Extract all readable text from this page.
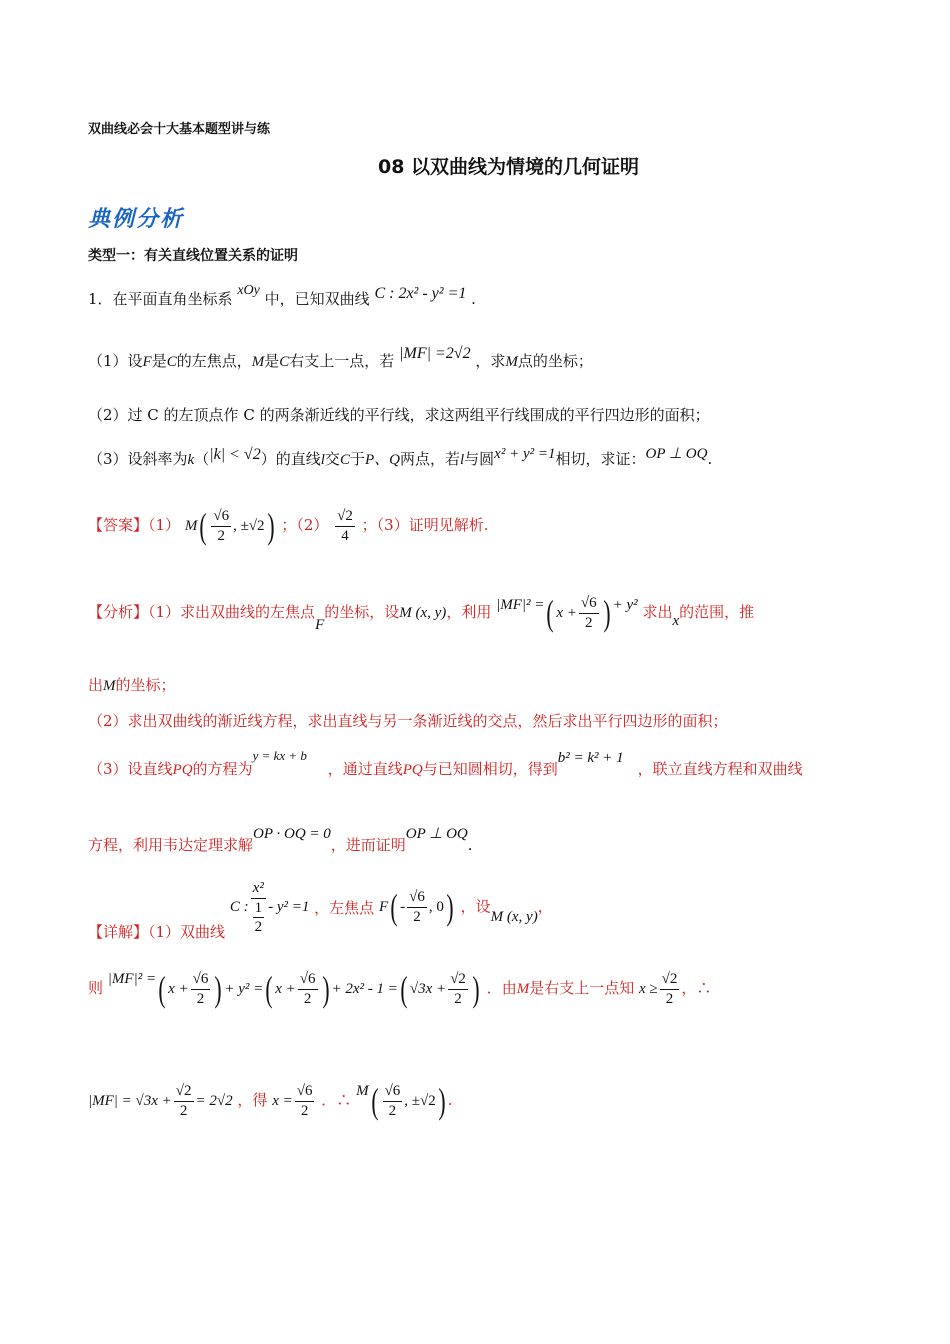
双曲线必会十大基本题型讲与练
08 以双曲线为情境的几何证明
典例分析
类型一：有关直线位置关系的证明
1．在平面直角坐标系 xOy 中，已知双曲线 C : 2x² - y² =1 .
（1）设F是C的左焦点，M是C右支上一点，若 |MF| =2√2 ，求M点的坐标；
（2）过 C 的左顶点作 C 的两条渐近线的平行线，求这两组平行线围成的平行四边形的面积；
（3）设斜率为k（|k| < √2）的直线l交C于P、Q两点，若l与圆x² + y² =1相切，求证：OP ⊥ OQ.
【答案】（1） $M( \frac{√6}{2}$ , ±√2) ；$(2) \frac{√2}{4}$ ；（3）证明见解析.
【分析】（1）求出双曲线的左焦点F的坐标，设M (x, y)，利用 |MF|² =( $x + \frac{√6}{2}$ ) + y² 求出x的范围，推
出M的坐标；
（2）求出双曲线的渐近线方程，求出直线与另一条渐近线的交点，然后求出平行四边形的面积；
（3）设直线PQ的方程为y = kx + b ，通过直线PQ与已知圆相切，得到b² = k² + 1，联立直线方程和双曲线
方程，利用韦达定理求解OP · OQ = 0，进而证明OP ⊥ OQ.
【详解】（1）双曲线
C : $\frac{\text{x²}}{\frac{1}{2}} - y^2 =1$ ，左焦点 $F( - \frac{√6}{2}$ , 0) ，设M (x, y)，
则 |MF|² =( $x + \frac{√6}{2}$ ) + y² =( $x + \frac{√6}{2}$ ) + 2x² - 1 =( $√3x + \frac{√2}{2}$ ) ．由M是右支上一点知 $x \ge \frac{√2}{2}$ ，∴
$|MF| = √3x + \frac{√2}{2} = 2√2$ ，得 $x = \frac{√6}{2}$ ．∴ $M( \frac{√6}{2}$ , ±√2) .
